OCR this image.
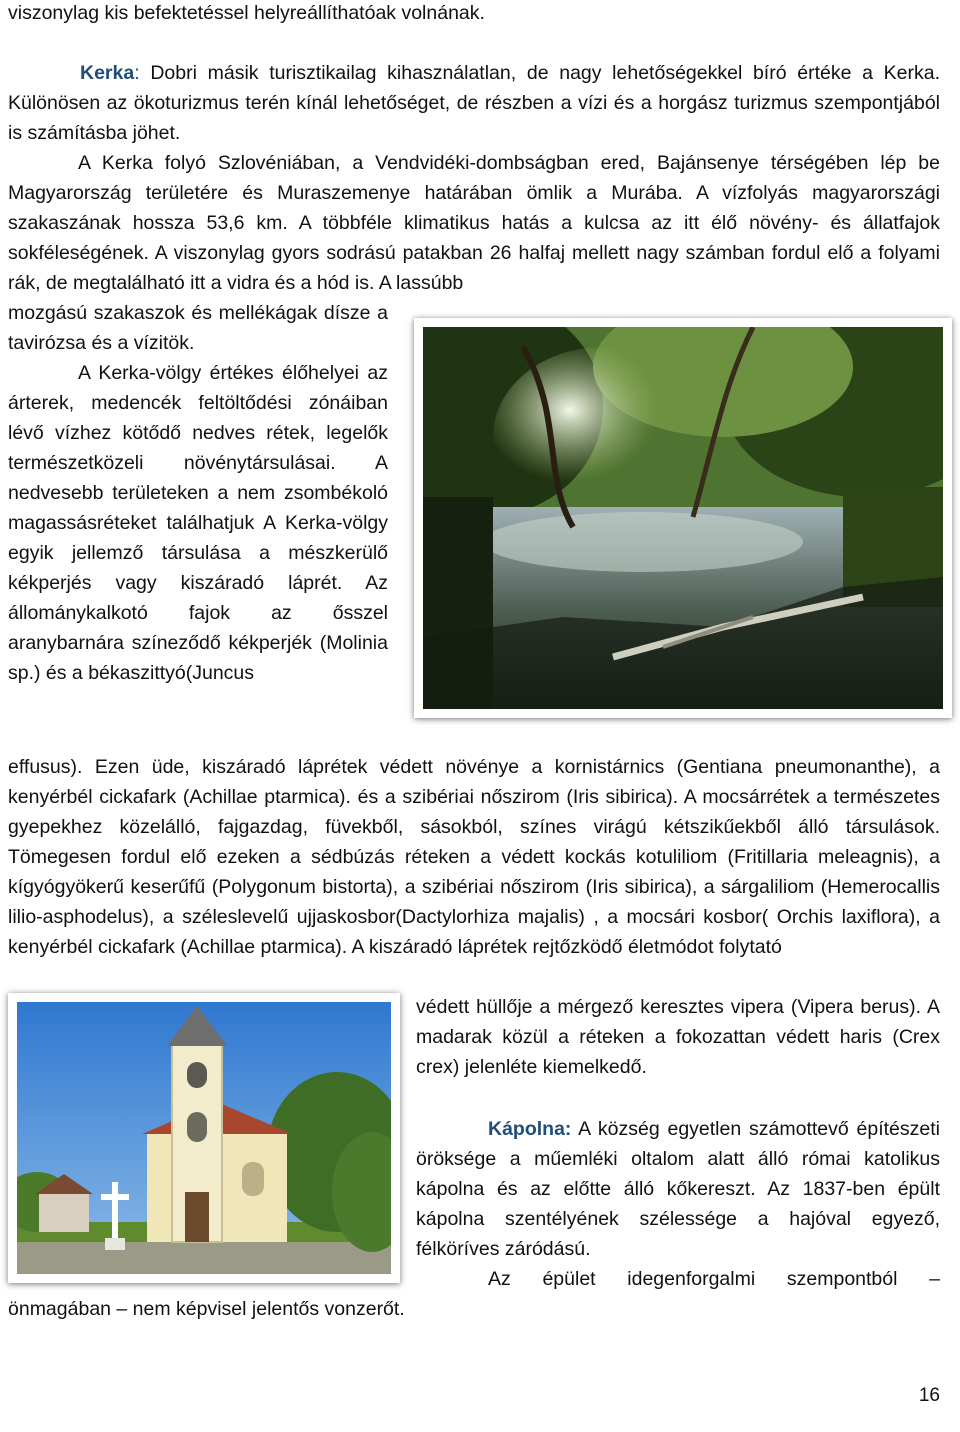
viszonylag kis befektetéssel helyreállíthatóak volnának.

Kerka: Dobri másik turisztikailag kihasználatlan, de nagy lehetőségekkel bíró értéke a Kerka. Különösen az ökoturizmus terén kínál lehetőséget, de részben a vízi és a horgász turizmus szempontjából is számításba jöhet.

A Kerka folyó Szlovéniában, a Vendvidéki-dombságban ered, Bajánsenye térségében lép be Magyarország területére és Muraszemenye határában ömlik a Murába. A vízfolyás magyarországi szakaszának hossza 53,6 km. A többféle klimatikus hatás a kulcsa az itt élő növény- és állatfajok sokféleségének. A viszonylag gyors sodrású patakban 26 halfaj mellett nagy számban fordul elő a folyami rák, de megtalálható itt a vidra és a hód is. A lassúbb

mozgású szakaszok és mellékágak dísze a tavirózsa és a vízitök.

A Kerka-völgy értékes élőhelyei az árterek, medencék feltöltődési zónáiban lévő vízhez kötődő nedves rétek, legelők természetközeli növénytársulásai. A nedvesebb területeken a nem zsombékoló magassásréteket találhatjuk A Kerka-völgy egyik jellemző társulása a mészkerülő kékperjés vagy kiszáradó láprét. Az állománykalkotó fajok az ősszel aranybarnára színeződő kékperjék (Molinia sp.) és a békaszittyó(Juncus

effusus). Ezen üde, kiszáradó láprétek védett növénye a kornistárnics (Gentiana pneumonanthe), a kenyérbél cickafark (Achillae ptarmica). és a szibériai nőszirom (Iris sibirica). A mocsárrétek a természetes gyepekhez közelálló, fajgazdag, füvekből, sásokból, színes virágú kétszikűekből álló társulások. Tömegesen fordul elő ezeken a sédbúzás réteken a védett kockás kotuliliom (Fritillaria meleagnis), a kígyógyökerű keserűfű (Polygonum bistorta), a szibériai nőszirom (Iris sibirica), a sárgaliliom (Hemerocallis lilio-asphodelus), a széleslevelű ujjaskosbor(Dactylorhiza majalis) , a mocsári kosbor( Orchis laxiflora), a kenyérbél cickafark (Achillae ptarmica). A kiszáradó láprétek rejtőzködő életmódot folytató

védett hüllője a mérgező keresztes vipera (Vipera berus). A madarak közül a réteken a fokozattan védett haris (Crex crex) jelenléte kiemelkedő.

Kápolna: A község egyetlen számottevő építészeti öröksége a műemléki oltalom alatt álló római katolikus kápolna és az előtte álló kőkereszt. Az 1837-ben épült kápolna szentélyének szélessége a hajóval egyező, félköríves záródású.

Az épület idegenforgalmi szempontból –

önmagában – nem képvisel jelentős vonzerőt.

16
